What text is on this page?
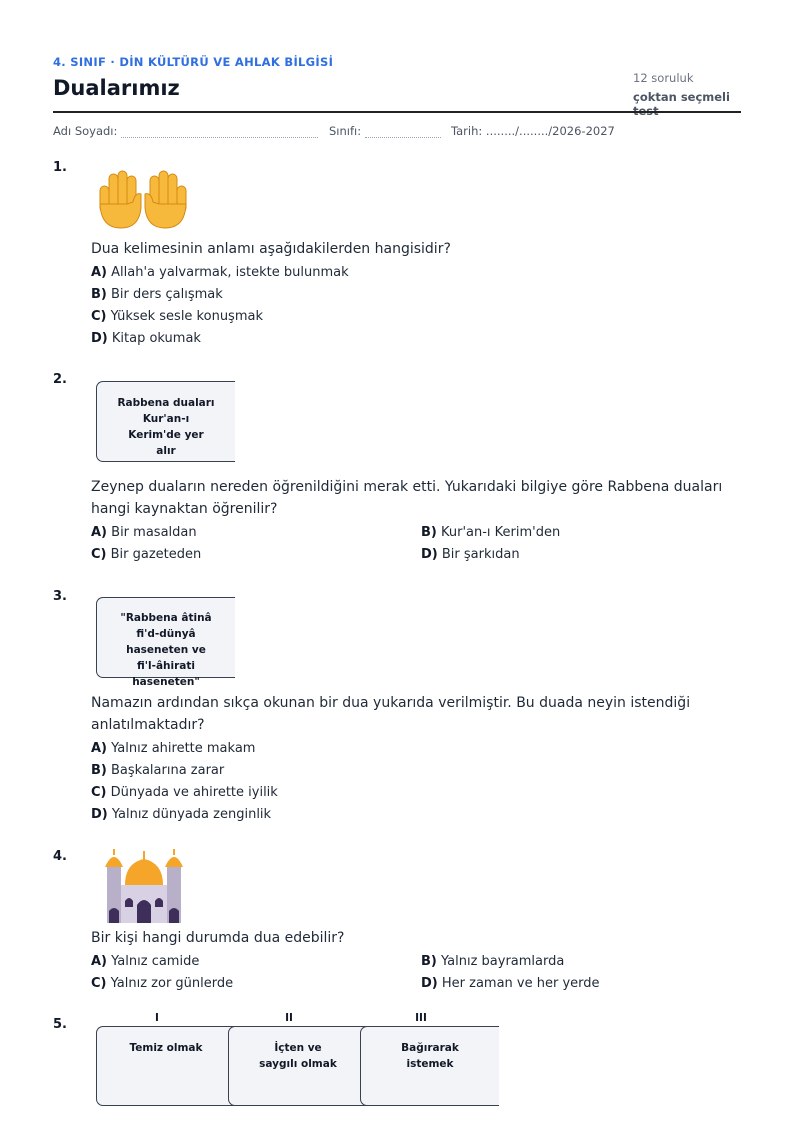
4. SINIF · DİN KÜLTÜRÜ VE AHLAK BİLGİSİ
Dualarımız	12 soruluk
çoktan seçmeli
Adı Soyadı:	Sınıfı:	Tarih: ......../......../2026-2027
1.
Dua kelimesinin anlamı aşağıdakilerden hangisidir?
A) Allah'a yalvarmak, istekte bulunmak
B) Bir ders çalışmak
C) Yüksek sesle konuşmak
D) Kitap okumak
2.
Rabbena duaları
Kur'an-ı
Kerim'de yer
alır
Zeynep duaların nereden öğrenildiğini merak etti. Yukarıdaki bilgiye göre Rabbena duaları hangi kaynaktan öğrenilir?
A) Bir masaldan	B) Kur'an-ı Kerim'den
C) Bir gazeteden	D) Bir şarkıdan
3.
"Rabbena âtinâ
fi'd-dünyâ
haseneten ve
fi'l-âhirati
haseneten"
Namazın ardından sıkça okunan bir dua yukarıda verilmiştir. Bu duada neyin istendiği anlatılmaktadır?
A) Yalnız ahirette makam
B) Başkalarına zarar
C) Dünyada ve ahirette iyilik
D) Yalnız dünyada zenginlik
4.
Bir kişi hangi durumda dua edebilir?
A) Yalnız camide	B) Yalnız bayramlarda
C) Yalnız zor günlerde	D) Her zaman ve her yerde
5.	I	II	III
Temiz olmak	İçten ve
saygılı olmak
Bağırarak
istemek
